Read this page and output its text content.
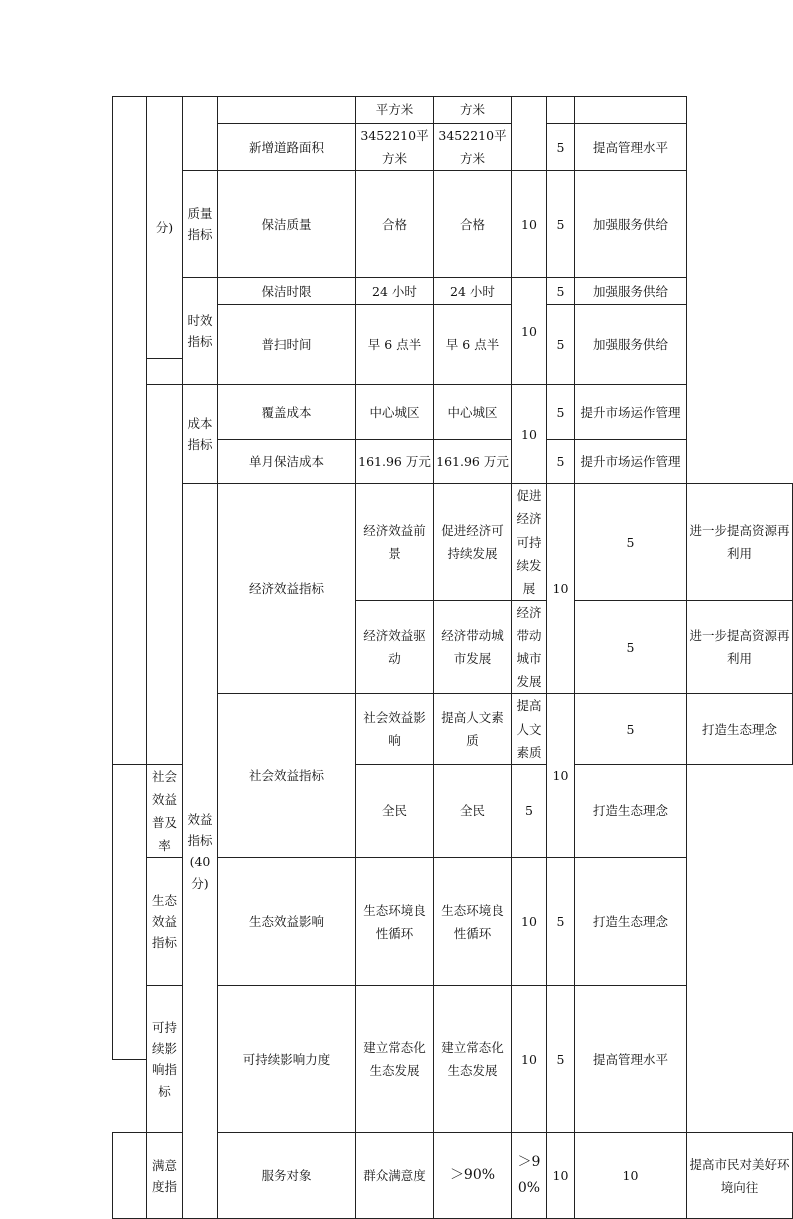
	分)			平方米	方米				
			新增道路面积	3452210平方米	3452210平方米		5	提高管理水平	
		质量指标	保洁质量	合格	合格	10	5	加强服务供给	

		时效指标	保洁时限	24 小时	24 小时	10	5	加强服务供给	
			普扫时间	早 6 点半	早 6 点半		5	加强服务供给	

		成本指标	覆盖成本	中心城区	中心城区	10	5	提升市场运作管理	

			单月保洁成本	161.96 万元	161.96 万元		5	提升市场运作管理	

		效益指标(40分)	经济效益指标	经济效益前景	促进经济可持续发展	促进经济可持续发展	10	5	进一步提高资源再利用

				经济效益驱动	经济带动城市发展	经济带动城市发展		5	进一步提高资源再利用

			社会效益指标	社会效益影响	提高人文素质	提高人文素质	10	5	打造生态理念

	社会效益普及率			全民	全民	5		打造生态理念	

	生态效益指标		生态效益影响	生态环境良性循环	生态环境良性循环	10	5	打造生态理念	

	可持续影响指标		可持续影响力度	建立常态化生态发展	建立常态化生态发展	10	5	提高管理水平	

	满意度指		服务对象	群众满意度	＞90%	＞90%	10	10	提高市民对美好环境向往
